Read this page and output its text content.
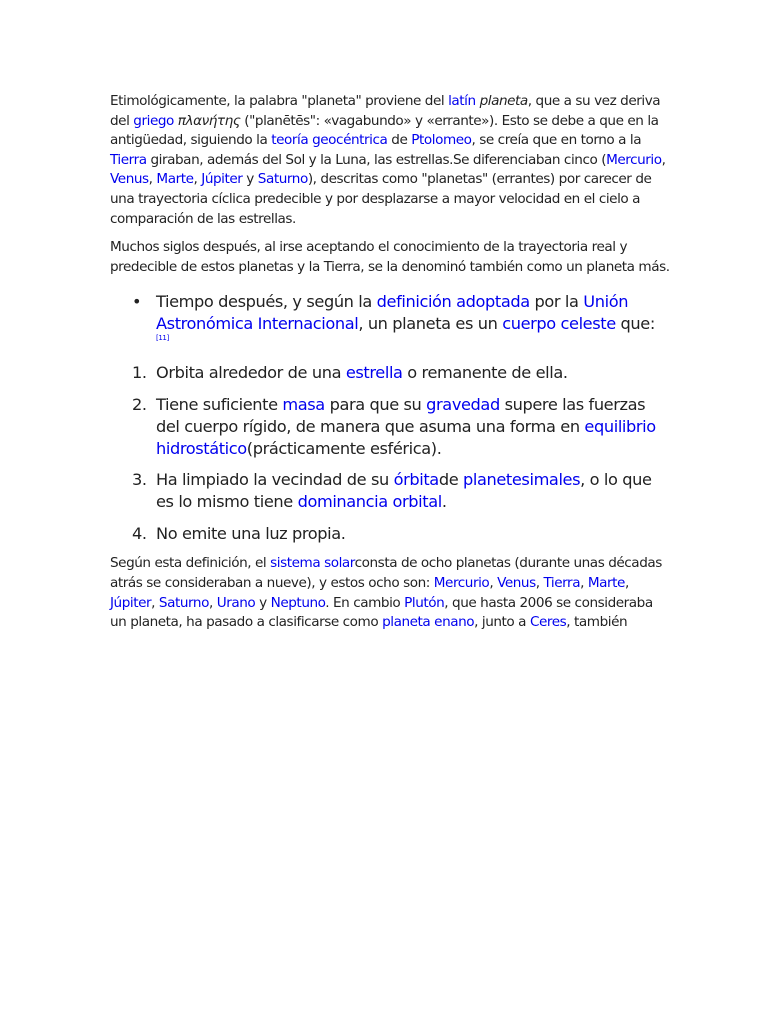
Etimológicamente, la palabra "planeta" proviene del latín planeta, que a su vez deriva del griego πλανήτης ("planētēs": «vagabundo» y «errante»). Esto se debe a que en la antigüedad, siguiendo la teoría geocéntrica de Ptolomeo, se creía que en torno a la Tierra giraban, además del Sol y la Luna, las estrellas.Se diferenciaban cinco (Mercurio, Venus, Marte, Júpiter y Saturno), descritas como "planetas" (errantes) por carecer de una trayectoria cíclica predecible y por desplazarse a mayor velocidad en el cielo a comparación de las estrellas.

Muchos siglos después, al irse aceptando el conocimiento de la trayectoria real y predecible de estos planetas y la Tierra, se la denominó también como un planeta más.

• Tiempo después, y según la definición adoptada por la Unión Astronómica Internacional, un planeta es un cuerpo celeste que:
[11]
1. Orbita alrededor de una estrella o remanente de ella.
2. Tiene suficiente masa para que su gravedad supere las fuerzas del cuerpo rígido, de manera que asuma una forma en equilibrio hidrostático(prácticamente esférica).
3. Ha limpiado la vecindad de su órbitade planetesimales, o lo que es lo mismo tiene dominancia orbital.
4. No emite una luz propia.

Según esta definición, el sistema solarconsta de ocho planetas (durante unas décadas atrás se consideraban a nueve), y estos ocho son: Mercurio, Venus, Tierra, Marte, Júpiter, Saturno, Urano y Neptuno. En cambio Plutón, que hasta 2006 se consideraba un planeta, ha pasado a clasificarse como planeta enano, junto a Ceres, también
